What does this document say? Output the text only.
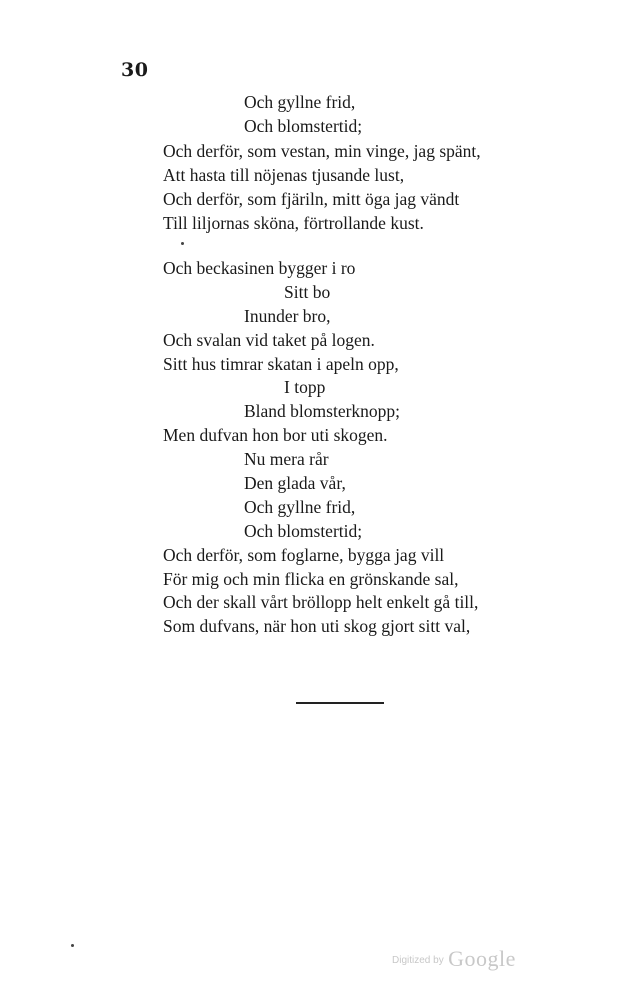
30
Och gyllne frid,
Och blomstertid;
Och derför, som vestan, min vinge, jag spänt,
Att hasta till nöjenas tjusande lust,
Och derför, som fjäriln, mitt öga jag vändt
Till liljornas sköna, förtrollande kust.
Och beckasinen bygger i ro
Sitt bo
Inunder bro,
Och svalan vid taket på logen.
Sitt hus timrar skatan i apeln opp,
I topp
Bland blomsterknopp;
Men dufvan hon bor uti skogen.
Nu mera rår
Den glada vår,
Och gyllne frid,
Och blomstertid;
Och derför, som foglarne, bygga jag vill
För mig och min flicka en grönskande sal,
Och der skall vårt bröllopp helt enkelt gå till,
Som dufvans, när hon uti skog gjort sitt val,
Digitized by Google
